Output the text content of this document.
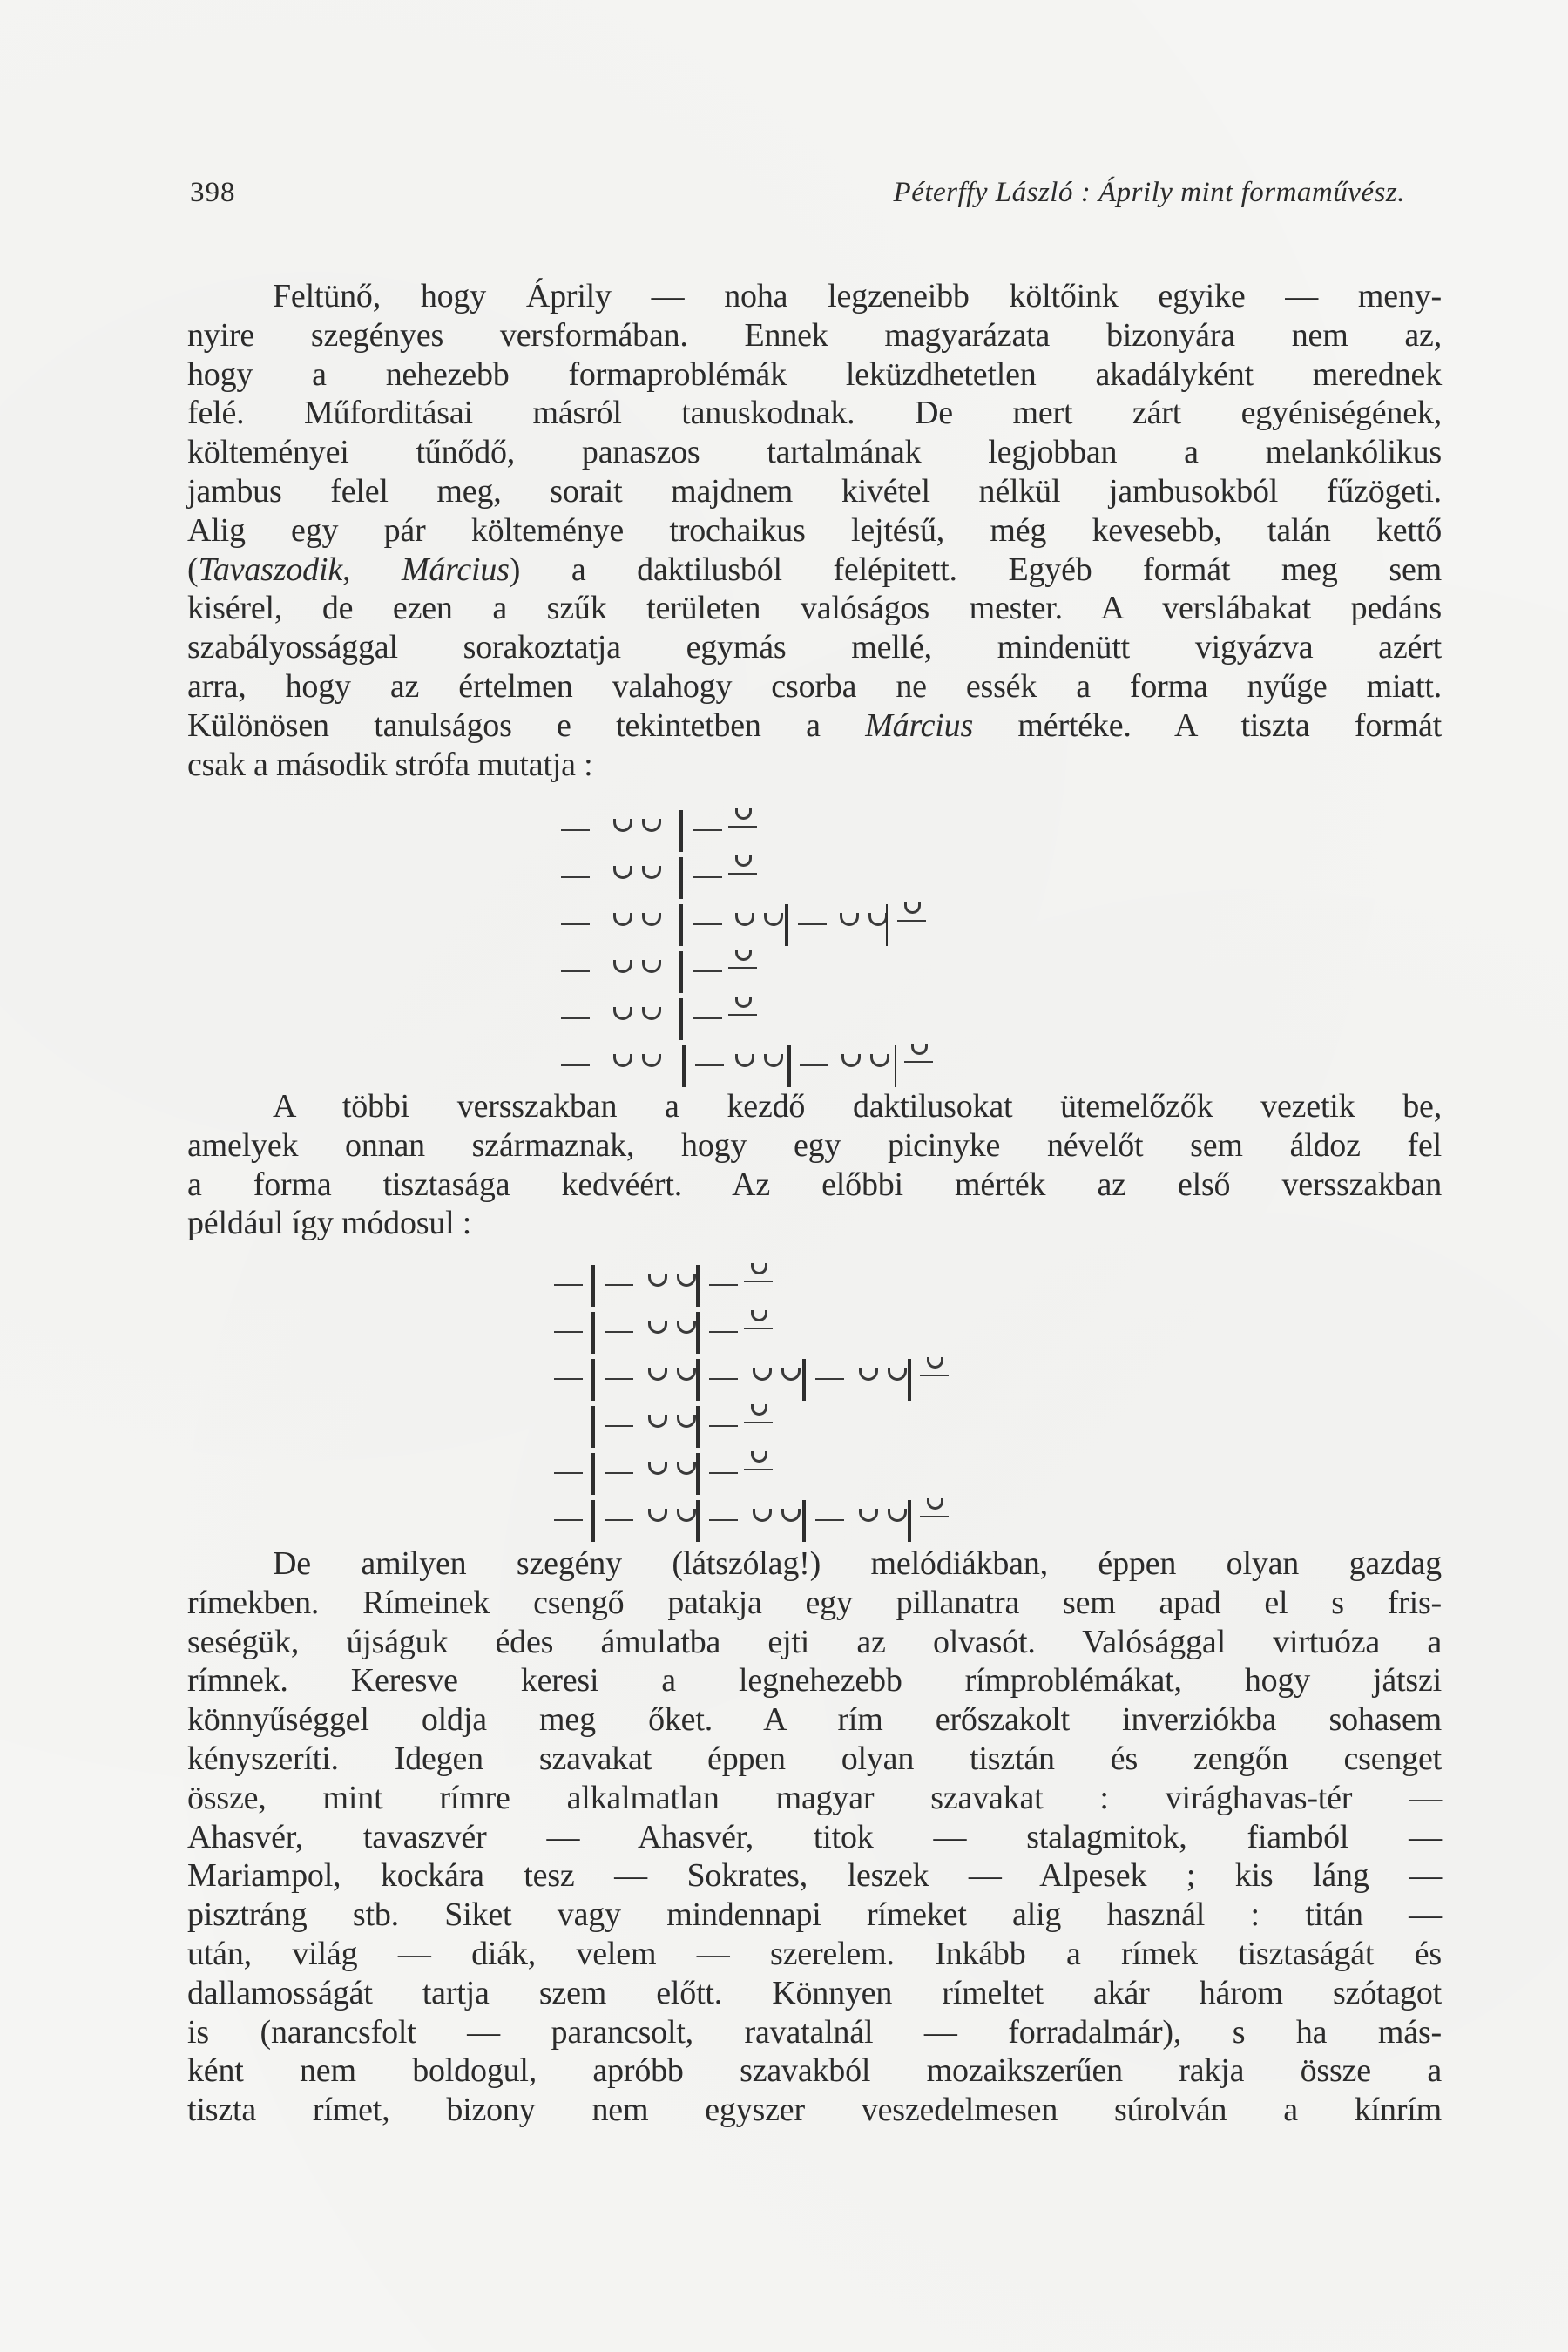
398	Péterffy László : Áprily mint formaművész.
Feltünő, hogy Áprily — noha legzeneibb költőink egyike — meny-
nyire szegényes versformában. Ennek magyarázata bizonyára nem az,
hogy a nehezebb formaproblémák leküzdhetetlen akadályként merednek
felé. Műforditásai másról tanuskodnak. De mert zárt egyéniségének,
költeményei tűnődő, panaszos tartalmának legjobban a melankólikus
jambus felel meg, sorait majdnem kivétel nélkül jambusokból fűzögeti.
Alig egy pár költeménye trochaikus lejtésű, még kevesebb, talán kettő
(Tavaszodik, Március) a daktilusból felépitett. Egyéb formát meg sem
kisérel, de ezen a szűk területen valóságos mester. A verslábakat pedáns
szabályossággal sorakoztatja egymás mellé, mindenütt vigyázva azért
arra, hogy az értelmen valahogy csorba ne essék a forma nyűge miatt.
Különösen tanulságos e tekintetben a Március mértéke. A tiszta formát
csak a második strófa mutatja :
A többi versszakban a kezdő daktilusokat ütemelőzők vezetik be,
amelyek onnan származnak, hogy egy picinyke névelőt sem áldoz fel
a forma tisztasága kedvéért. Az előbbi mérték az első versszakban
például így módosul :
De amilyen szegény (látszólag!) melódiákban, éppen olyan gazdag
rímekben. Rímeinek csengő patakja egy pillanatra sem apad el s fris-
seségük, újságuk édes ámulatba ejti az olvasót. Valósággal virtuóza a
rímnek. Keresve keresi a legnehezebb rímproblémákat, hogy játszi
könnyűséggel oldja meg őket. A rím erőszakolt inverziókba sohasem
kényszeríti. Idegen szavakat éppen olyan tisztán és zengőn csenget
össze, mint rímre alkalmatlan magyar szavakat : virághavas-tér —
Ahasvér, tavaszvér — Ahasvér, titok — stalagmitok, fiamból —
Mariampol, kockára tesz — Sokrates, leszek — Alpesek ; kis láng —
pisztráng stb. Siket vagy mindennapi rímeket alig használ : titán —
után, világ — diák, velem — szerelem. Inkább a rímek tisztaságát és
dallamosságát tartja szem előtt. Könnyen rímeltet akár három szótagot
is (narancsfolt — parancsolt, ravatalnál — forradalmár), s ha más-
ként nem boldogul, apróbb szavakból mozaikszerűen rakja össze a
tiszta rímet, bizony nem egyszer veszedelmesen súrolván a kínrím
